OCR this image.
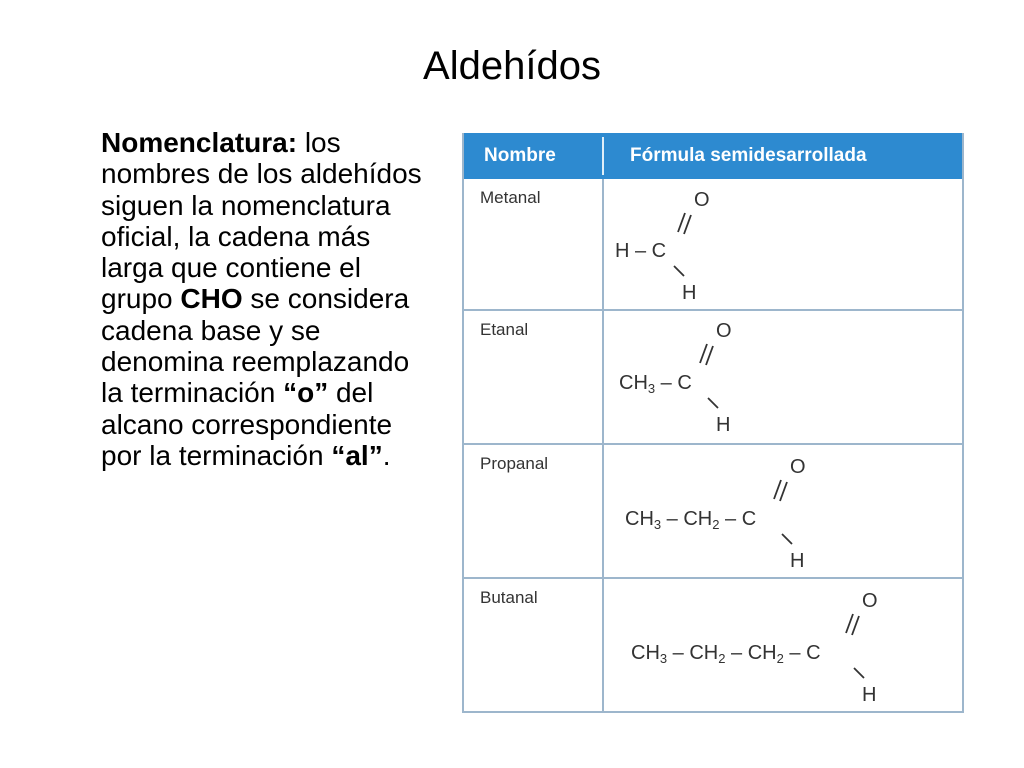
Aldehídos
Nomenclatura: los nombres de los aldehídos siguen la nomenclatura oficial, la cadena más larga que contiene el grupo CHO se considera cadena base y se denomina reemplazando la terminación “o” del alcano correspondiente por la terminación “al”.
Nombre	Fórmula semidesarrollada
Metanal	O
H – C
H
Etanal	O
$CH_3$ – C
H
Propanal	O
$CH_3 - CH_2$ – C
H
Butanal	O
$CH_3 - CH_2 - CH_2$ – C
H
